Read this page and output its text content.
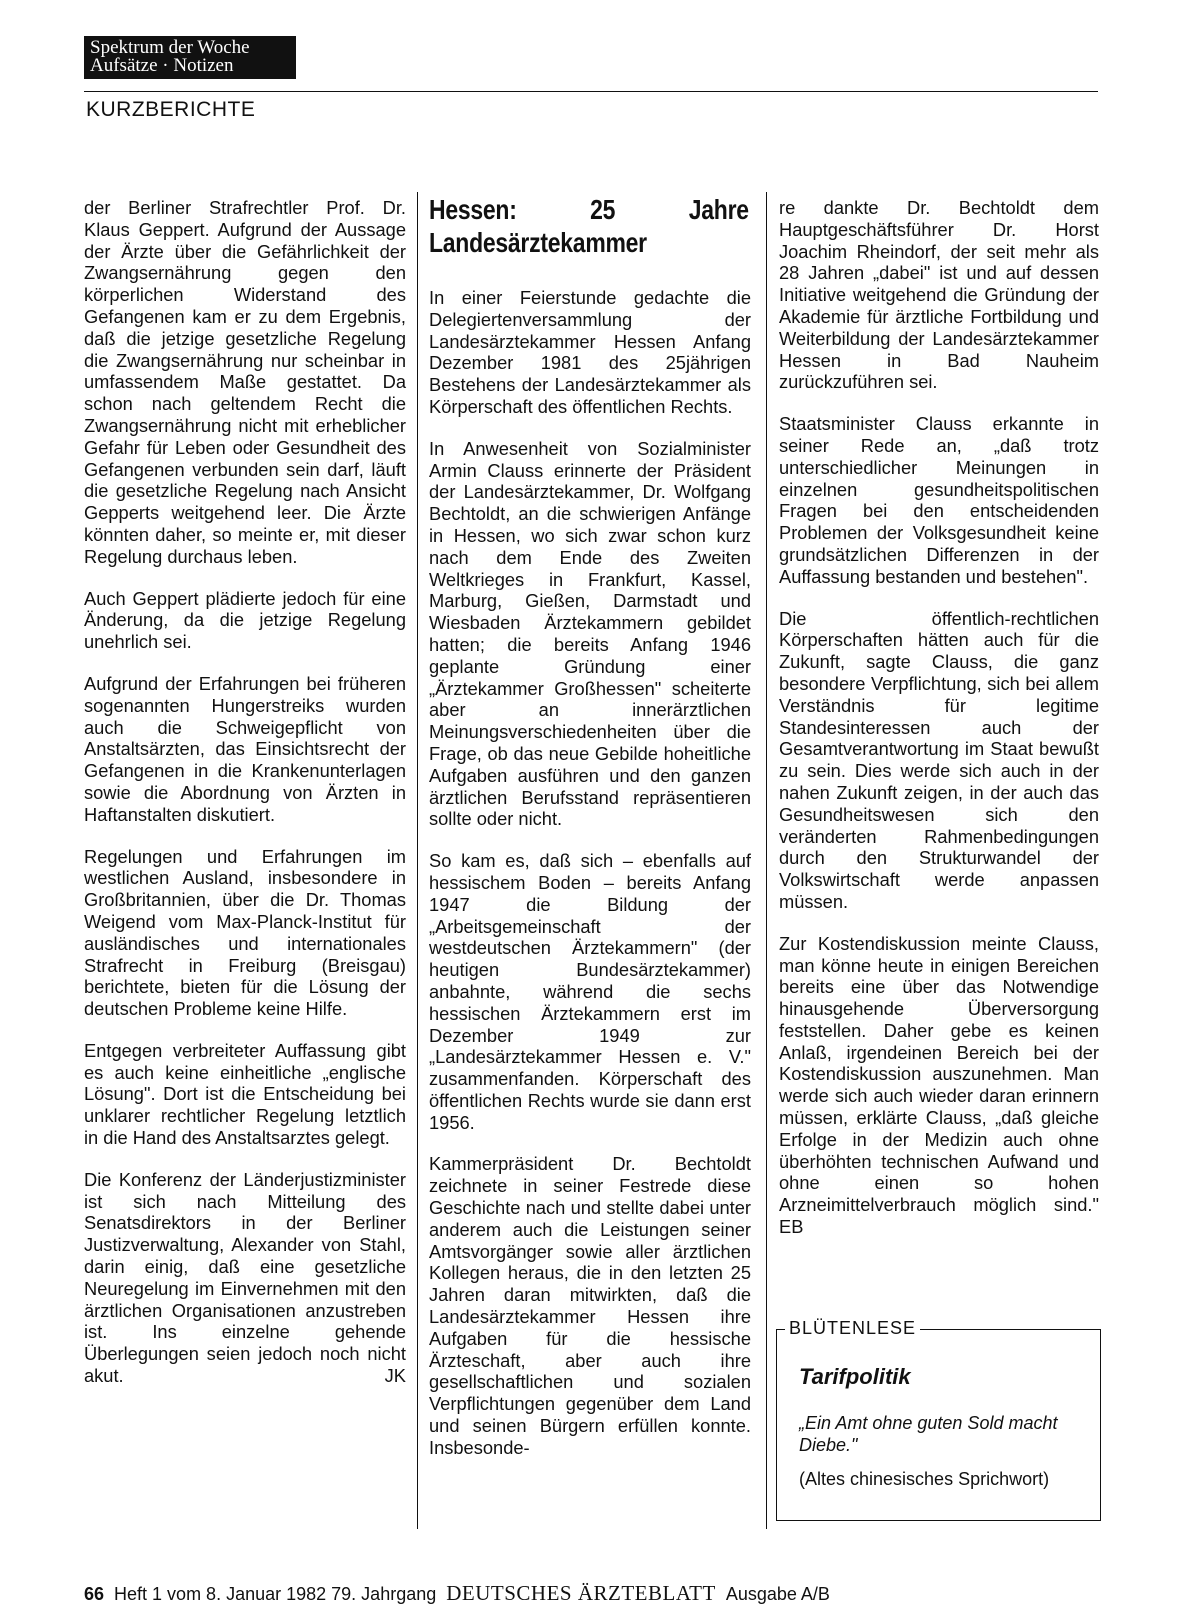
Spektrum der Woche
Aufsätze · Notizen
KURZBERICHTE

der Berliner Strafrechtler Prof. Dr. Klaus Geppert. Aufgrund der Aussage der Ärzte über die Gefährlichkeit der Zwangsernährung gegen den körperlichen Widerstand des Gefangenen kam er zu dem Ergebnis, daß die jetzige gesetzliche Regelung die Zwangsernährung nur scheinbar in umfassendem Maße gestattet. Da schon nach geltendem Recht die Zwangsernährung nicht mit erheblicher Gefahr für Leben oder Gesundheit des Gefangenen verbunden sein darf, läuft die gesetzliche Regelung nach Ansicht Gepperts weitgehend leer. Die Ärzte könnten daher, so meinte er, mit dieser Regelung durchaus leben.

Auch Geppert plädierte jedoch für eine Änderung, da die jetzige Regelung unehrlich sei.

Aufgrund der Erfahrungen bei früheren sogenannten Hungerstreiks wurden auch die Schweigepflicht von Anstaltsärzten, das Einsichtsrecht der Gefangenen in die Krankenunterlagen sowie die Abordnung von Ärzten in Haftanstalten diskutiert.

Regelungen und Erfahrungen im westlichen Ausland, insbesondere in Großbritannien, über die Dr. Thomas Weigend vom Max-Planck-Institut für ausländisches und internationales Strafrecht in Freiburg (Breisgau) berichtete, bieten für die Lösung der deutschen Probleme keine Hilfe.

Entgegen verbreiteter Auffassung gibt es auch keine einheitliche „englische Lösung". Dort ist die Entscheidung bei unklarer rechtlicher Regelung letztlich in die Hand des Anstaltsarztes gelegt.

Die Konferenz der Länderjustizminister ist sich nach Mitteilung des Senatsdirektors in der Berliner Justizverwaltung, Alexander von Stahl, darin einig, daß eine gesetzliche Neuregelung im Einvernehmen mit den ärztlichen Organisationen anzustreben ist. Ins einzelne gehende Überlegungen seien jedoch noch nicht akut.	JK

Hessen: 25 Jahre Landesärztekammer

In einer Feierstunde gedachte die Delegiertenversammlung der Landesärztekammer Hessen Anfang Dezember 1981 des 25jährigen Bestehens der Landesärztekammer als Körperschaft des öffentlichen Rechts.

In Anwesenheit von Sozialminister Armin Clauss erinnerte der Präsident der Landesärztekammer, Dr. Wolfgang Bechtoldt, an die schwierigen Anfänge in Hessen, wo sich zwar schon kurz nach dem Ende des Zweiten Weltkrieges in Frankfurt, Kassel, Marburg, Gießen, Darmstadt und Wiesbaden Ärztekammern gebildet hatten; die bereits Anfang 1946 geplante Gründung einer „Ärztekammer Großhessen" scheiterte aber an innerärztlichen Meinungsverschiedenheiten über die Frage, ob das neue Gebilde hoheitliche Aufgaben ausführen und den ganzen ärztlichen Berufsstand repräsentieren sollte oder nicht.

So kam es, daß sich – ebenfalls auf hessischem Boden – bereits Anfang 1947 die Bildung der „Arbeitsgemeinschaft der westdeutschen Ärztekammern" (der heutigen Bundesärztekammer) anbahnte, während die sechs hessischen Ärztekammern erst im Dezember 1949 zur „Landesärztekammer Hessen e. V." zusammenfanden. Körperschaft des öffentlichen Rechts wurde sie dann erst 1956.

Kammerpräsident Dr. Bechtoldt zeichnete in seiner Festrede diese Geschichte nach und stellte dabei unter anderem auch die Leistungen seiner Amtsvorgänger sowie aller ärztlichen Kollegen heraus, die in den letzten 25 Jahren daran mitwirkten, daß die Landesärztekammer Hessen ihre Aufgaben für die hessische Ärzteschaft, aber auch ihre gesellschaftlichen und sozialen Verpflichtungen gegenüber dem Land und seinen Bürgern erfüllen konnte. Insbesonde-

re dankte Dr. Bechtoldt dem Hauptgeschäftsführer Dr. Horst Joachim Rheindorf, der seit mehr als 28 Jahren „dabei" ist und auf dessen Initiative weitgehend die Gründung der Akademie für ärztliche Fortbildung und Weiterbildung der Landesärztekammer Hessen in Bad Nauheim zurückzuführen sei.

Staatsminister Clauss erkannte in seiner Rede an, „daß trotz unterschiedlicher Meinungen in einzelnen gesundheitspolitischen Fragen bei den entscheidenden Problemen der Volksgesundheit keine grundsätzlichen Differenzen in der Auffassung bestanden und bestehen".

Die öffentlich-rechtlichen Körperschaften hätten auch für die Zukunft, sagte Clauss, die ganz besondere Verpflichtung, sich bei allem Verständnis für legitime Standesinteressen auch der Gesamtverantwortung im Staat bewußt zu sein. Dies werde sich auch in der nahen Zukunft zeigen, in der auch das Gesundheitswesen sich den veränderten Rahmenbedingungen durch den Strukturwandel der Volkswirtschaft werde anpassen müssen.

Zur Kostendiskussion meinte Clauss, man könne heute in einigen Bereichen bereits eine über das Notwendige hinausgehende Überversorgung feststellen. Daher gebe es keinen Anlaß, irgendeinen Bereich bei der Kostendiskussion auszunehmen. Man werde sich auch wieder daran erinnern müssen, erklärte Clauss, „daß gleiche Erfolge in der Medizin auch ohne überhöhten technischen Aufwand und ohne einen so hohen Arzneimittelverbrauch möglich sind." EB

BLÜTENLESE
Tarifpolitik
„Ein Amt ohne guten Sold macht Diebe."
(Altes chinesisches Sprichwort)
66 Heft 1 vom 8. Januar 1982 79. Jahrgang DEUTSCHES ÄRZTEBLATT Ausgabe A/B
